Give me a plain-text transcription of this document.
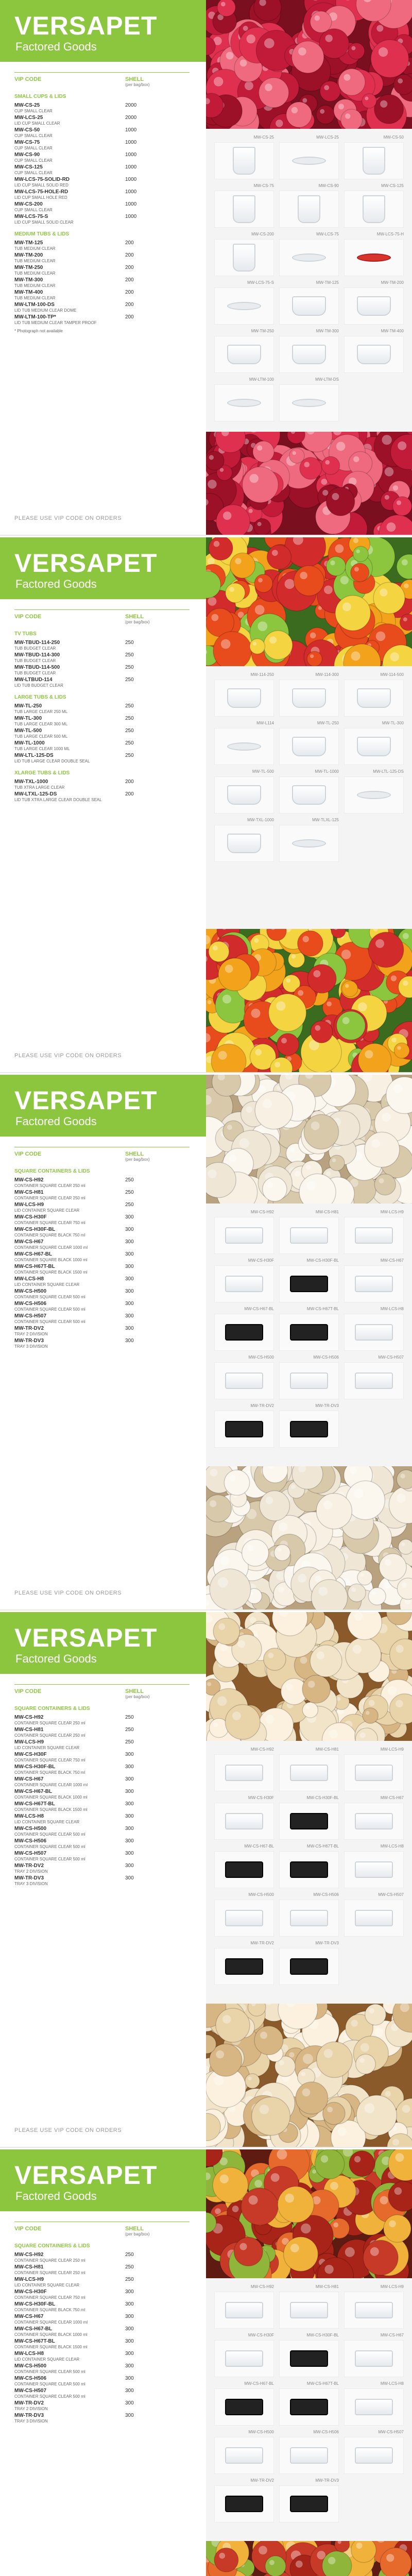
VERSAPET
Factored Goods
VIP CODE	SHELL
(per bag/box)
SMALL CUPS & LIDS
MW-CS-25
CUP SMALL CLEAR
2000
MW-LCS-25
LID CUP SMALL CLEAR
2000
MW-CS-50
CUP SMALL CLEAR
1000
MW-CS-75
CUP SMALL CLEAR
1000
MW-CS-90
CUP SMALL CLEAR
1000
MW-CS-125
CUP SMALL CLEAR
1000
MW-LCS-75-SOLID-RD
LID CUP SMALL SOLID RED
1000
MW-LCS-75-HOLE-RD
LID CUP SMALL HOLE RED
1000
MW-CS-200
CUP SMALL CLEAR
1000
MW-LCS-75-S
LID CUP SMALL SOLID CLEAR
1000
MEDIUM TUBS & LIDS
MW-TM-125
TUB MEDIUM CLEAR
200
MW-TM-200
TUB MEDIUM CLEAR
200
MW-TM-250
TUB MEDIUM CLEAR
200
MW-TM-300
TUB MEDIUM CLEAR
200
MW-TM-400
TUB MEDIUM CLEAR
200
MW-LTM-100-DS
LID TUB MEDIUM CLEAR DOME
200
MW-LTM-100-TP*
LID TUB MEDIUM CLEAR TAMPER PROOF
200
* Photograph not available
PLEASE USE VIP CODE ON ORDERS
MW-CS-25	MW-LCS-25	MW-CS-50
MW-CS-75	MW-CS-90	MW-CS-125
MW-CS-200	MW-LCS-75	MW-LCS-75-H
MW-LCS-75-S	MW-TM-125	MW-TM-200
MW-TM-250	MW-TM-300	MW-TM-400
MW-LTM-100	MW-LTM-DS
VERSAPET
Factored Goods
VIP CODE	SHELL
(per bag/box)
TV TUBS
MW-TBUD-114-250
TUB BUDGET CLEAR
250
MW-TBUD-114-300
TUB BUDGET CLEAR
250
MW-TBUD-114-500
TUB BUDGET CLEAR
250
MW-LTBUD-114
LID TUB BUDGET CLEAR
250
LARGE TUBS & LIDS
MW-TL-250
TUB LARGE CLEAR 250 ML
250
MW-TL-300
TUB LARGE CLEAR 300 ML
250
MW-TL-500
TUB LARGE CLEAR 500 ML
250
MW-TL-1000
TUB LARGE CLEAR 1000 ML
250
MW-LTL-125-DS
LID TUB LARGE CLEAR DOUBLE SEAL
250
XLARGE TUBS & LIDS
MW-TXL-1000
TUB XTRA LARGE CLEAR
200
MW-LTXL-125-DS
LID TUB XTRA LARGE CLEAR DOUBLE SEAL
200
PLEASE USE VIP CODE ON ORDERS
MW-114-250	MW-114-300	MW-114-500
MW-L114	MW-TL-250	MW-TL-300
MW-TL-500	MW-TL-1000	MW-LTL-125-DS
MW-TXL-1000	MW-TLXL-125
VERSAPET
Factored Goods
VIP CODE	SHELL
(per bag/box)
SQUARE CONTAINERS & LIDS
MW-CS-H92
CONTAINER SQUARE CLEAR 250 ml
250
MW-CS-H81
CONTAINER SQUARE CLEAR 250 ml
250
MW-LCS-H9
LID CONTAINER SQUARE CLEAR
250
MW-CS-H30F
CONTAINER SQUARE CLEAR 750 ml
300
MW-CS-H30F-BL
CONTAINER SQUARE BLACK 750 ml
300
MW-CS-H67
CONTAINER SQUARE CLEAR 1000 ml
300
MW-CS-H67-BL
CONTAINER SQUARE BLACK 1000 ml
300
MW-CS-H67T-BL
CONTAINER SQUARE BLACK 1500 ml
300
MW-LCS-H8
LID CONTAINER SQUARE CLEAR
300
MW-CS-H500
CONTAINER SQUARE CLEAR 500 ml
300
MW-CS-H506
CONTAINER SQUARE CLEAR 500 ml
300
MW-CS-H507
CONTAINER SQUARE CLEAR 500 ml
300
MW-TR-DV2
TRAY 2 DIVISION
300
MW-TR-DV3
TRAY 3 DIVISION
300
PLEASE USE VIP CODE ON ORDERS
MW-CS-H92	MW-CS-H81	MW-LCS-H9
MW-CS-H30F	MW-CS-H30F-BL	MW-CS-H67
MW-CS-H67-BL	MW-CS-H67T-BL	MW-LCS-H8
MW-CS-H500	MW-CS-H506	MW-CS-H507
MW-TR-DV2	MW-TR-DV3
VERSAPET
Factored Goods
VIP CODE	SHELL
(per bag/box)
SQUARE CONTAINERS & LIDS
MW-CS-H92
CONTAINER SQUARE CLEAR 250 ml
250
MW-CS-H81
CONTAINER SQUARE CLEAR 250 ml
250
MW-LCS-H9
LID CONTAINER SQUARE CLEAR
250
MW-CS-H30F
CONTAINER SQUARE CLEAR 750 ml
300
MW-CS-H30F-BL
CONTAINER SQUARE BLACK 750 ml
300
MW-CS-H67
CONTAINER SQUARE CLEAR 1000 ml
300
MW-CS-H67-BL
CONTAINER SQUARE BLACK 1000 ml
300
MW-CS-H67T-BL
CONTAINER SQUARE BLACK 1500 ml
300
MW-LCS-H8
LID CONTAINER SQUARE CLEAR
300
MW-CS-H500
CONTAINER SQUARE CLEAR 500 ml
300
MW-CS-H506
CONTAINER SQUARE CLEAR 500 ml
300
MW-CS-H507
CONTAINER SQUARE CLEAR 500 ml
300
MW-TR-DV2
TRAY 2 DIVISION
300
MW-TR-DV3
TRAY 3 DIVISION
300
PLEASE USE VIP CODE ON ORDERS
MW-CS-H92	MW-CS-H81	MW-LCS-H9
MW-CS-H30F	MW-CS-H30F-BL	MW-CS-H67
MW-CS-H67-BL	MW-CS-H67T-BL	MW-LCS-H8
MW-CS-H500	MW-CS-H506	MW-CS-H507
MW-TR-DV2	MW-TR-DV3
VERSAPET
Factored Goods
VIP CODE	SHELL
(per bag/box)
SQUARE CONTAINERS & LIDS
MW-CS-H92
CONTAINER SQUARE CLEAR 250 ml
250
MW-CS-H81
CONTAINER SQUARE CLEAR 250 ml
250
MW-LCS-H9
LID CONTAINER SQUARE CLEAR
250
MW-CS-H30F
CONTAINER SQUARE CLEAR 750 ml
300
MW-CS-H30F-BL
CONTAINER SQUARE BLACK 750 ml
300
MW-CS-H67
CONTAINER SQUARE CLEAR 1000 ml
300
MW-CS-H67-BL
CONTAINER SQUARE BLACK 1000 ml
300
MW-CS-H67T-BL
CONTAINER SQUARE BLACK 1500 ml
300
MW-LCS-H8
LID CONTAINER SQUARE CLEAR
300
MW-CS-H500
CONTAINER SQUARE CLEAR 500 ml
300
MW-CS-H506
CONTAINER SQUARE CLEAR 500 ml
300
MW-CS-H507
CONTAINER SQUARE CLEAR 500 ml
300
MW-TR-DV2
TRAY 2 DIVISION
300
MW-TR-DV3
TRAY 3 DIVISION
300
MW-CS-H92	MW-CS-H81	MW-LCS-H9
MW-CS-H30F	MW-CS-H30F-BL	MW-CS-H67
MW-CS-H67-BL	MW-CS-H67T-BL	MW-LCS-H8
MW-CS-H500	MW-CS-H506	MW-CS-H507
MW-TR-DV2	MW-TR-DV3
